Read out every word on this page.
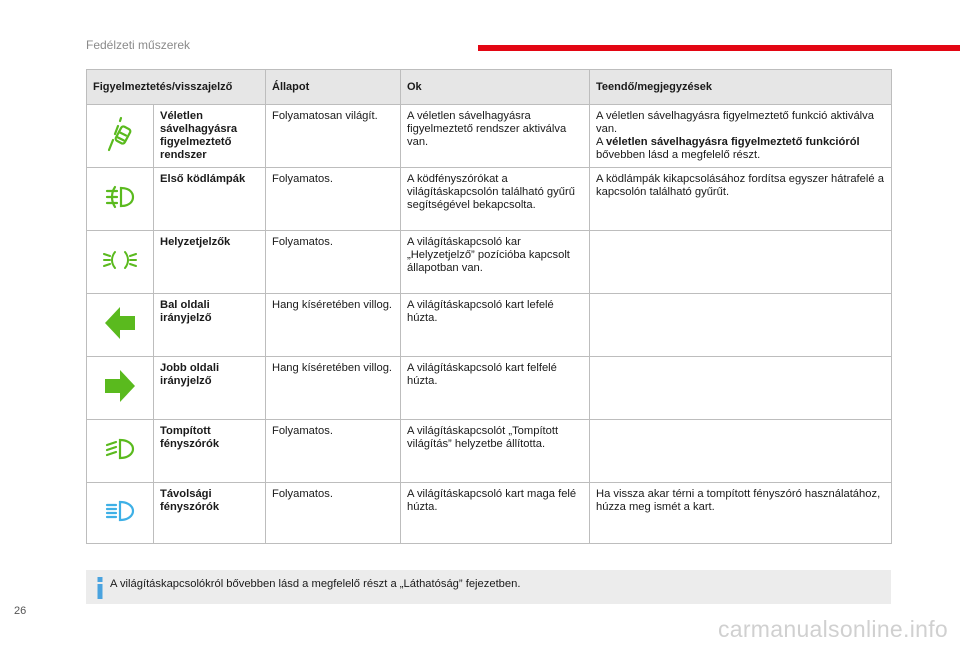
Fedélzeti műszerek
Figyelmeztetés/visszajelző		Állapot	Ok	Teendő/megjegyzések
	Véletlen sávelhagyásra figyelmeztető rendszer	Folyamatosan világít.	A véletlen sávelhagyásra figyelmeztető rendszer aktiválva van.	A véletlen sávelhagyásra figyelmeztető funkció aktiválva van.
A véletlen sávelhagyásra figyelmeztető funkcióról bővebben lásd a megfelelő részt.
	Első ködlámpák	Folyamatos.	A ködfényszórókat a világításkapcsolón található gyűrű segítségével bekapcsolta.	A ködlámpák kikapcsolásához fordítsa egyszer hátrafelé a kapcsolón található gyűrűt.
	Helyzetjelzők	Folyamatos.	A világításkapcsoló kar „Helyzetjelző” pozícióba kapcsolt állapotban van.	
	Bal oldali irányjelző	Hang kíséretében villog.	A világításkapcsoló kart lefelé húzta.	
	Jobb oldali irányjelző	Hang kíséretében villog.	A világításkapcsoló kart felfelé húzta.	
	Tompított fényszórók	Folyamatos.	A világításkapcsolót „Tompított világítás” helyzetbe állította.	
	Távolsági fényszórók	Folyamatos.	A világításkapcsoló kart maga felé húzta.	Ha vissza akar térni a tompított fényszóró használatához, húzza meg ismét a kart.
A világításkapcsolókról bővebben lásd a megfelelő részt a „Láthatóság” fejezetben.
26
carmanualsonline.info
